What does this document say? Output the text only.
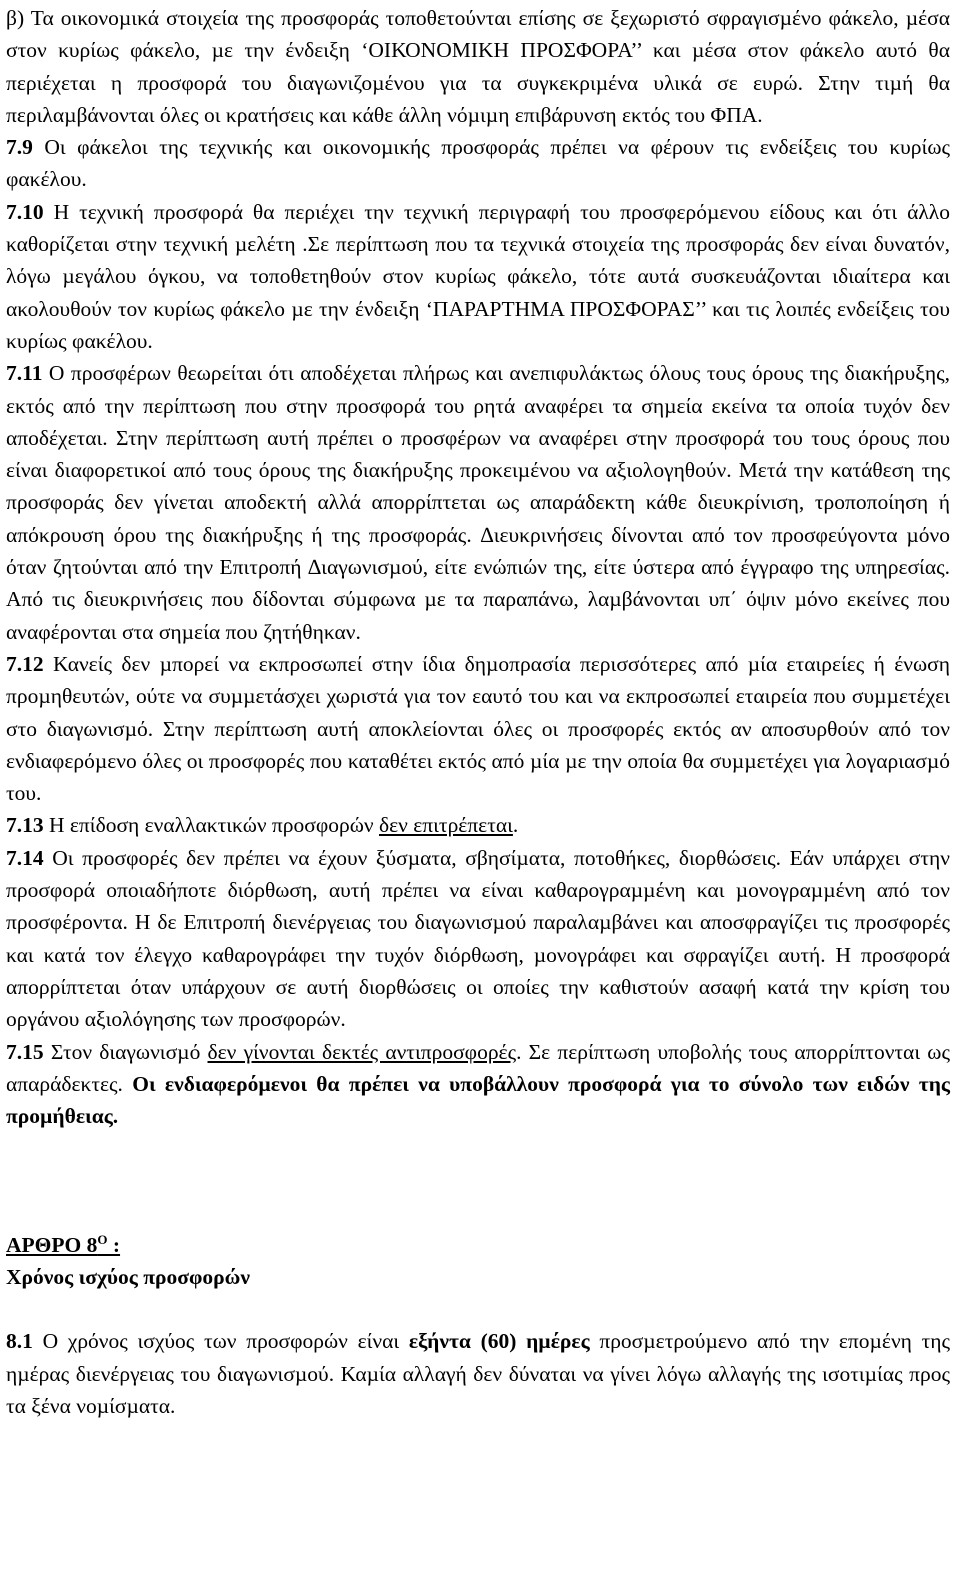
β) Τα οικονοµικά στοιχεία της προσφοράς τοποθετούνται επίσης σε ξεχωριστό σφραγισµένο φάκελο, µέσα στον κυρίως φάκελο, µε την ένδειξη ‘ΟΙΚΟΝΟΜΙΚΗ ΠΡΟΣΦΟΡΑ’’ και µέσα στον φάκελο αυτό θα περιέχεται η προσφορά του διαγωνιζοµένου για τα συγκεκριµένα υλικά σε ευρώ. Στην τιµή θα περιλαµβάνονται όλες οι κρατήσεις και κάθε άλλη νόµιµη επιβάρυνση εκτός του ΦΠΑ.

7.9 Οι φάκελοι της τεχνικής και οικονοµικής προσφοράς πρέπει να φέρουν τις ενδείξεις του κυρίως φακέλου.

7.10 Η τεχνική προσφορά θα περιέχει την τεχνική περιγραφή του προσφερόµενου είδους και ότι άλλο καθορίζεται στην τεχνική µελέτη .Σε περίπτωση που τα τεχνικά στοιχεία της προσφοράς δεν είναι δυνατόν, λόγω µεγάλου όγκου, να τοποθετηθούν στον κυρίως φάκελο, τότε αυτά συσκευάζονται ιδιαίτερα και ακολουθούν τον κυρίως φάκελο µε την ένδειξη ‘ΠΑΡΑΡΤΗΜΑ ΠΡΟΣΦΟΡΑΣ’’ και τις λοιπές ενδείξεις του κυρίως φακέλου.

7.11 Ο προσφέρων θεωρείται ότι αποδέχεται πλήρως και ανεπιφυλάκτως όλους τους όρους της διακήρυξης, εκτός από την περίπτωση που στην προσφορά του ρητά αναφέρει τα σηµεία εκείνα τα οποία τυχόν δεν αποδέχεται. Στην περίπτωση αυτή πρέπει ο προσφέρων να αναφέρει στην προσφορά του τους όρους που είναι διαφορετικοί από τους όρους της διακήρυξης προκειµένου να αξιολογηθούν. Μετά την κατάθεση της προσφοράς δεν γίνεται αποδεκτή αλλά απορρίπτεται ως απαράδεκτη κάθε διευκρίνιση, τροποποίηση ή απόκρουση όρου της διακήρυξης ή της προσφοράς. ∆ιευκρινήσεις δίνονται από τον προσφεύγοντα µόνο όταν ζητούνται από την Επιτροπή ∆ιαγωνισµού, είτε ενώπιών της, είτε ύστερα από έγγραφο της υπηρεσίας. Από τις διευκρινήσεις που δίδονται σύµφωνα µε τα παραπάνω, λαµβάνονται υπ΄ όψιν µόνο εκείνες που αναφέρονται στα σηµεία που ζητήθηκαν.

7.12 Κανείς δεν µπορεί να εκπροσωπεί στην ίδια δηµοπρασία περισσότερες από µία εταιρείες ή ένωση προµηθευτών, ούτε να συµµετάσχει χωριστά για τον εαυτό του και να εκπροσωπεί εταιρεία που συµµετέχει στο διαγωνισµό. Στην περίπτωση αυτή αποκλείονται όλες οι προσφορές εκτός αν αποσυρθούν από τον ενδιαφερόµενο όλες οι προσφορές που καταθέτει εκτός από µία µε την οποία θα συµµετέχει για λογαριασµό του.

7.13 Η επίδοση εναλλακτικών προσφορών δεν επιτρέπεται.

7.14 Οι προσφορές δεν πρέπει να έχουν ξύσµατα, σβησίµατα, ποτοθήκες, διορθώσεις. Εάν υπάρχει στην προσφορά οποιαδήποτε διόρθωση, αυτή πρέπει να είναι καθαρογραµµένη και µονογραµµένη από τον προσφέροντα. Η δε Επιτροπή διενέργειας του διαγωνισµού παραλαµβάνει και αποσφραγίζει τις προσφορές και κατά τον έλεγχο καθαρογράφει την τυχόν διόρθωση, µονογράφει και σφραγίζει αυτή. Η προσφορά απορρίπτεται όταν υπάρχουν σε αυτή διορθώσεις οι οποίες την καθιστούν ασαφή κατά την κρίση του οργάνου αξιολόγησης των προσφορών.

7.15 Στον διαγωνισµό δεν γίνονται δεκτές αντιπροσφορές. Σε περίπτωση υποβολής τους απορρίπτονται ως απαράδεκτες. Οι ενδιαφερόµενοι θα πρέπει να υποβάλλουν προσφορά για το σύνολο των ειδών της προµήθειας.

ΑΡΘΡΟ $8^O$ :

Χρόνος ισχύος προσφορών

8.1 Ο χρόνος ισχύος των προσφορών είναι εξήντα (60) ηµέρες προσµετρούµενο από την εποµένη της ηµέρας διενέργειας του διαγωνισµού. Καµία αλλαγή δεν δύναται να γίνει λόγω αλλαγής της ισοτιµίας προς τα ξένα νοµίσµατα.
